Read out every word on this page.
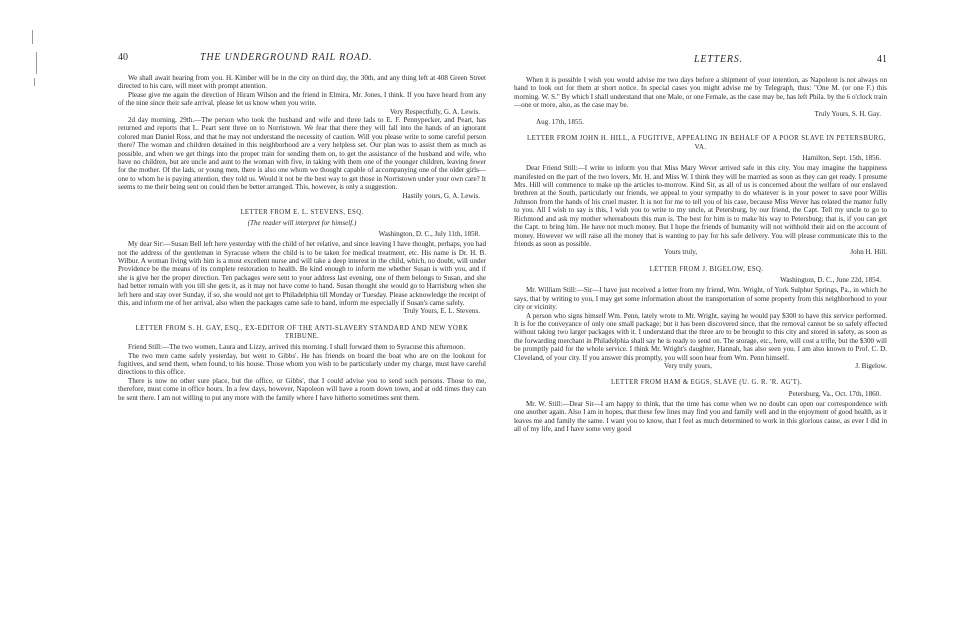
40	THE UNDERGROUND RAIL ROAD.

We shall await hearing from you. H. Kimber will be in the city on third day, the 30th, and any thing left at 408 Green Street directed to his care, will meet with prompt attention.

Please give me again the direction of Hiram Wilson and the friend in Elmira, Mr. Jones, I think. If you have heard from any of the nine since their safe arrival, please let us know when you write.

Very Respectfully, G. A. Lewis.

2d day morning, 29th.—The person who took the husband and wife and three lads to E. F. Pennypecker, and Peart, has returned and reports that L. Peart sent three on to Norristown. We fear that there they will fall into the hands of an ignorant colored man Daniel Ross, and that he may not understand the necessity of caution. Will you please write to some careful person there? The woman and children detained in this neighborhood are a very helpless set. Our plan was to assist them as much as possible, and when we get things into the proper train for sending them on, to get the assistance of the husband and wife, who have no children, but are uncle and aunt to the woman with five, in taking with them one of the younger children, leaving fewer for the mother. Of the lads, or young men, there is also one whom we thought capable of accompanying one of the older girls—one to whom he is paying attention, they told us. Would it not be the best way to get those in Norristown under your own care? It seems to me their being sent on could then be better arranged. This, however, is only a suggestion.

Hastily yours, G. A. Lewis.

LETTER FROM E. L. STEVENS, ESQ.

(The reader will interpret for himself.)

Washington, D. C., July 11th, 1858.

My dear Sir:—Susan Bell left here yesterday with the child of her relative, and since leaving I have thought, perhaps, you had not the address of the gentleman in Syracuse where the child is to be taken for medical treatment, etc. His name is Dr. H. B. Wilbur. A woman living with him is a most excellent nurse and will take a deep interest in the child, which, no doubt, will under Providence be the means of its complete restoration to health. Be kind enough to inform me whether Susan is with you, and if she is give her the proper direction. Ten packages were sent to your address last evening, one of them belongs to Susan, and she had better remain with you till she gets it, as it may not have come to hand. Susan thought she would go to Harrisburg when she left here and stay over Sunday, if so, she would not get to Philadelphia till Monday or Tuesday. Please acknowledge the receipt of this, and inform me of her arrival, also when the packages came safe to hand, inform me especially if Susan's came safely.

Truly Yours, E. L. Stevens.

LETTER FROM S. H. GAY, ESQ., EX-EDITOR OF THE ANTI-SLAVERY STANDARD AND NEW YORK TRIBUNE.

Friend Still:—The two women, Laura and Lizzy, arrived this morning. I shall forward them to Syracuse this afternoon.

The two men came safely yesterday, but went to Gibbs'. He has friends on board the boat who are on the lookout for fugitives, and send them, when found, to his house. Those whom you wish to be particularly under my charge, must have careful directions to this office.

There is now no other sure place, but the office, or Gibbs', that I could advise you to send such persons. Those to me, therefore, must come in office hours. In a few days, however, Napoleon will have a room down town, and at odd times they can be sent there. I am not willing to put any more with the family where I have hitherto sometimes sent them.

LETTERS.	41

When it is possible I wish you would advise me two days before a shipment of your intention, as Napoleon is not always on hand to look out for them at short notice. In special cases you might advise me by Telegraph, thus: "One M. (or one F.) this morning. W. S." By which I shall understand that one Male, or one Female, as the case may be, has left Phila. by the 6 o'clock train—one or more, also, as the case may be.

Truly Yours, S. H. Gay.

Aug. 17th, 1855.

LETTER FROM JOHN H. HILL, A FUGITIVE, APPEALING IN BEHALF OF A POOR SLAVE IN PETERSBURG, VA.

Hamilton, Sept. 15th, 1856.

Dear Friend Still:—I write to inform you that Miss Mary Wever arrived safe in this city. You may imagine the happiness manifested on the part of the two lovers, Mr. H. and Miss W. I think they will be married as soon as they can get ready. I presume Mrs. Hill will commence to make up the articles to-morrow. Kind Sir, as all of us is concerned about the welfare of our enslaved brethren at the South, particularly our friends, we appeal to your sympathy to do whatever is in your power to save poor Willis Johnson from the hands of his cruel master. It is not for me to tell you of his case, because Miss Wever has related the matter fully to you. All I wish to say is this, I wish you to write to my uncle, at Petersburg, by our friend, the Capt. Tell my uncle to go to Richmond and ask my mother whereabouts this man is. The best for him is to make his way to Petersburg; that is, if you can get the Capt. to bring him. He have not much money. But I hope the friends of humanity will not withhold their aid on the account of money. However we will raise all the money that is wanting to pay for his safe delivery. You will please communicate this to the friends as soon as possible.

Yours truly,	John H. Hill.

LETTER FROM J. BIGELOW, ESQ.

Washington, D. C., June 22d, 1854.

Mr. William Still:—Sir—I have just received a letter from my friend, Wm. Wright, of York Sulphur Springs, Pa., in which he says, that by writing to you, I may get some information about the transportation of some property from this neighborhood to your city or vicinity.

A person who signs himself Wm. Penn, lately wrote to Mr. Wright, saying he would pay $300 to have this service performed. It is for the conveyance of only one small package; but it has been discovered since, that the removal cannot be so safely effected without taking two larger packages with it. I understand that the three are to be brought to this city and stored in safety, as soon as the forwarding merchant in Philadelphia shall say he is ready to send on. The storage, etc., here, will cost a trifle, but the $300 will be promptly paid for the whole service. I think Mr. Wright's daughter, Hannah, has also seen you. I am also known to Prof. C. D. Cleveland, of your city. If you answer this promptly, you will soon hear from Wm. Penn himself.

Very truly yours,	J. Bigelow.

LETTER FROM HAM & EGGS, SLAVE (U. G. R. 'R. AG'T).

Petersburg, Va., Oct. 17th, 1860.

Mr. W. Still:—Dear Sir—I am happy to think, that the time has come when we no doubt can open our correspondence with one another again. Also I am in hopes, that these few lines may find you and family well and in the enjoyment of good health, as it leaves me and family the same. I want you to know, that I feel as much determined to work in this glorious cause, as ever I did in all of my life, and I have some very good
